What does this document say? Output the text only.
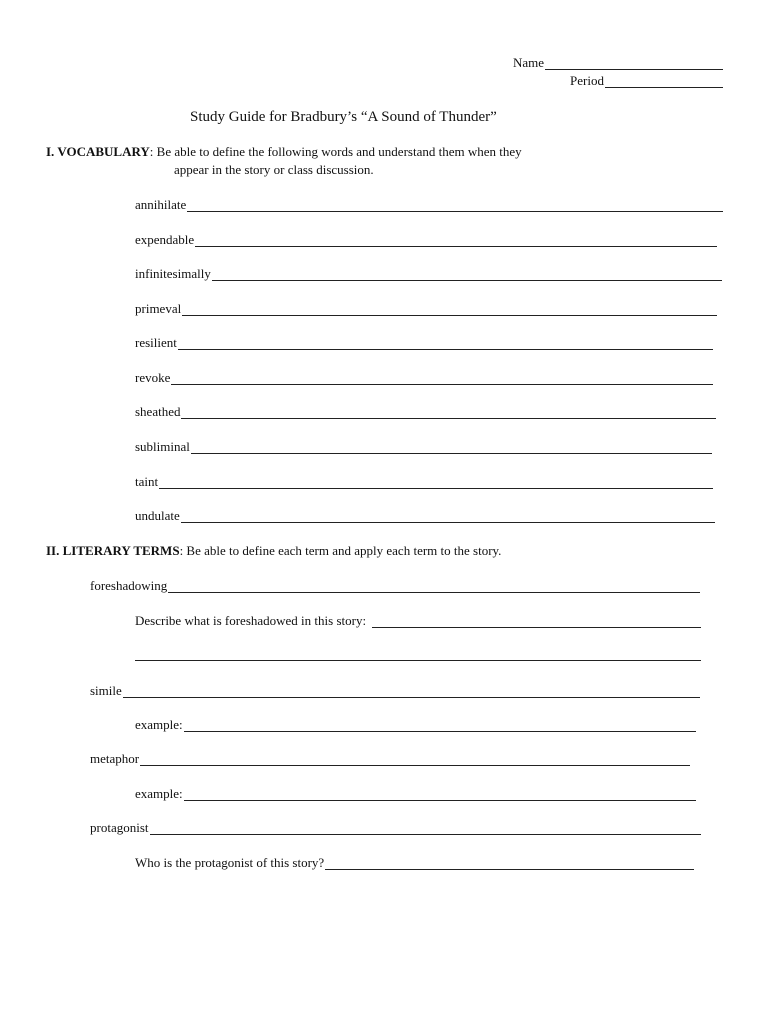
Name
Period
Study Guide for Bradbury’s “A Sound of Thunder”
I. VOCABULARY: Be able to define the following words and understand them when they
appear in the story or class discussion.
annihilate
expendable
infinitesimally
primeval
resilient
revoke
sheathed
subliminal
taint
undulate
II. LITERARY TERMS: Be able to define each term and apply each term to the story.
foreshadowing
Describe what is foreshadowed in this story:
simile
example:
metaphor
example:
protagonist
Who is the protagonist of this story?
